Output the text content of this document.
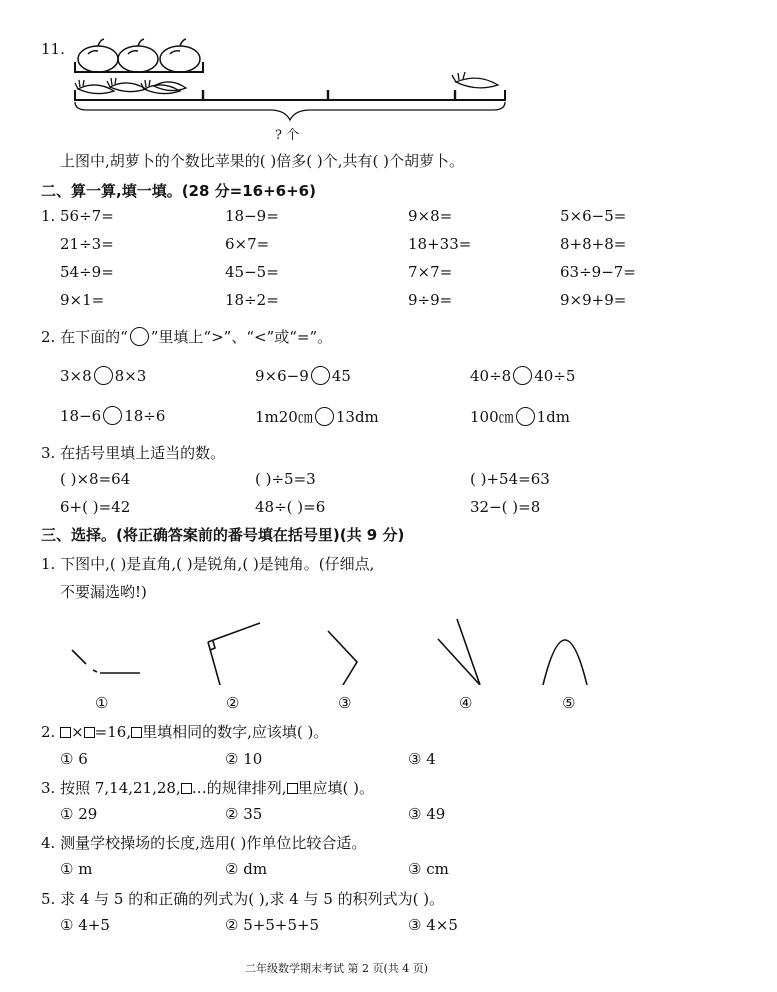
11.
? 个
上图中,胡萝卜的个数比苹果的( )倍多( )个,共有( )个胡萝卜。
二、算一算,填一填。(28 分=16+6+6)
1. 56÷7=	18−9=	9×8=	5×6−5=
21÷3=	6×7=	18+33=	8+8+8=
54÷9=	45−5=	7×7=	63÷9−7=
9×1=	18÷2=	9÷9=	9×9+9=
2. 在下面的“ ”里填上“>”、“<”或“=”。
3×8 8×3	9×6−9 45	40÷8 40÷5
18−6 18÷6	1m20㎝ 13dm	100㎝ 1dm
3. 在括号里填上适当的数。
( )×8=64	( )÷5=3	( )+54=63
6+( )=42	48÷( )=6	32−( )=8
三、选择。(将正确答案前的番号填在括号里)(共 9 分)
1. 下图中,( )是直角,( )是锐角,( )是钝角。(仔细点,
不要漏选哟!)
①	②	③	④	⑤
2. × =16, 里填相同的数字,应该填( )。
① 6	② 10	③ 4
3. 按照 7,14,21,28, …的规律排列, 里应填( )。
① 29	② 35	③ 49
4. 测量学校操场的长度,选用( )作单位比较合适。
① m	② dm	③ cm
5. 求 4 与 5 的和正确的列式为( ),求 4 与 5 的积列式为( )。
① 4+5	② 5+5+5+5	③ 4×5
二年级数学期末考试 第 2 页(共 4 页)
